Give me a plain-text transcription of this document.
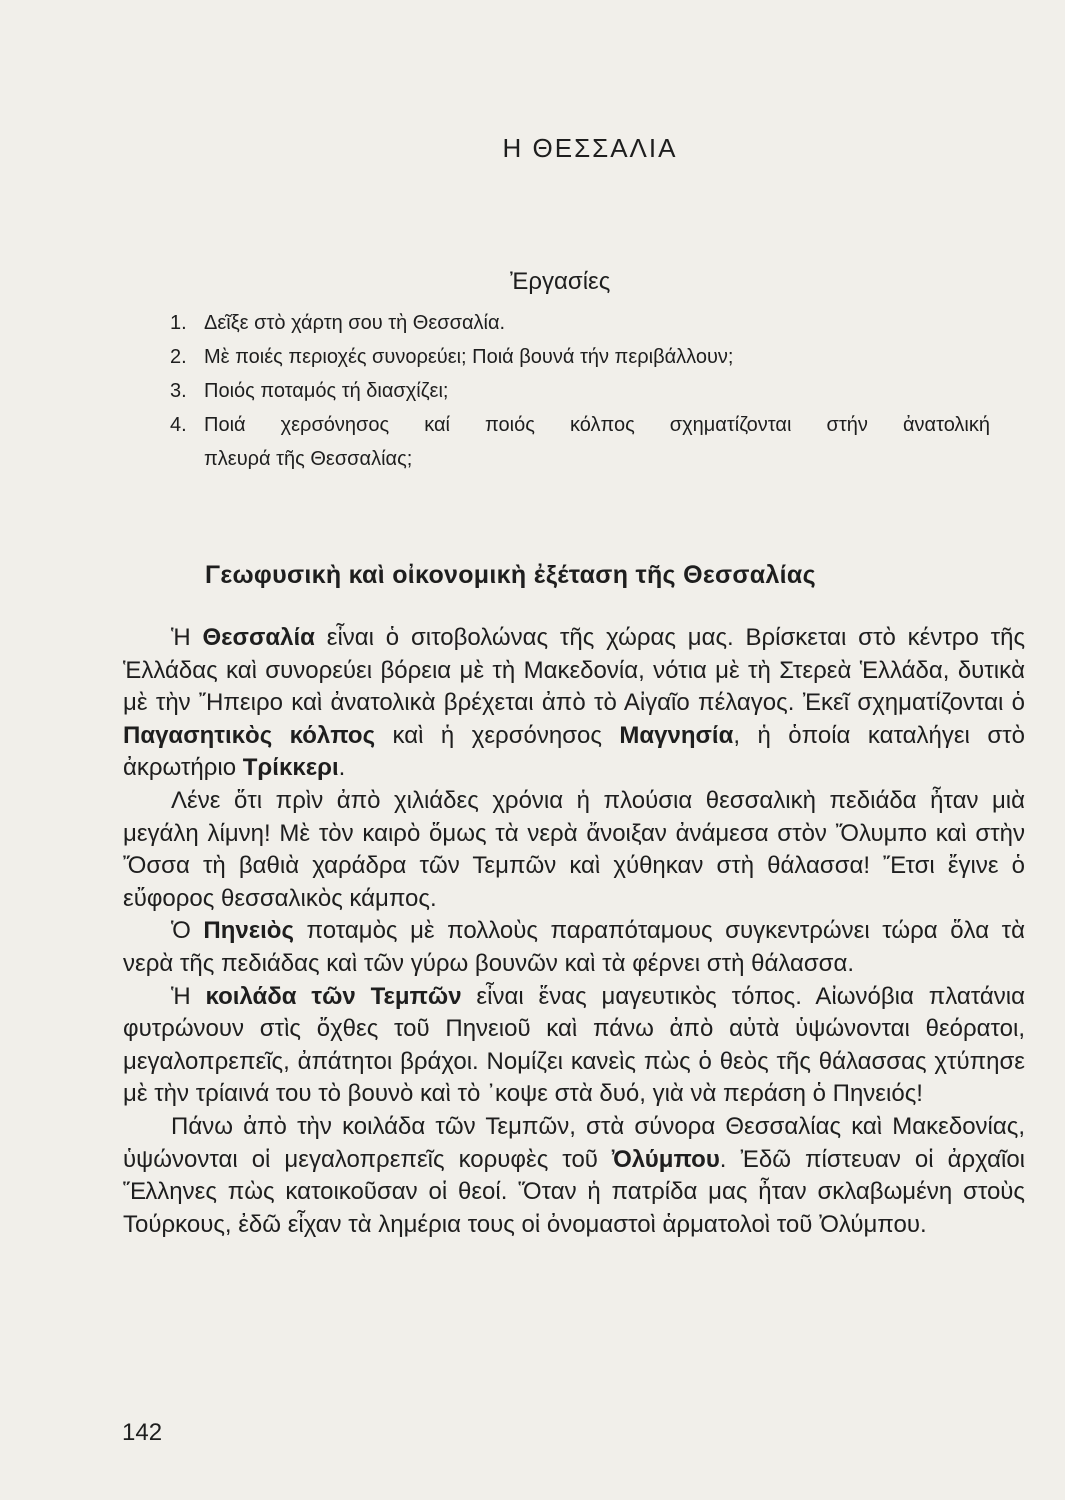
Η ΘΕΣΣΑΛΙΑ
Ἐργασίες
1. Δεῖξε στὸ χάρτη σου τὴ Θεσσαλία.
2. Μὲ ποιές περιοχές συνορεύει; Ποιά βουνά τήν περιβάλλουν;
3. Ποιός ποταμός τή διασχίζει;
4. Ποιά χερσόνησος καί ποιός κόλπος σχηματίζονται στήν ἀνατολική
πλευρά τῆς Θεσσαλίας;
Γεωφυσικὴ καὶ οἰκονομικὴ ἐξέταση τῆς Θεσσαλίας

Ἡ Θεσσαλία εἶναι ὁ σιτοβολώνας τῆς χώρας μας. Βρίσκεται στὸ κέντρο τῆς Ἑλλάδας καὶ συνορεύει βόρεια μὲ τὴ Μακεδονία, νότια μὲ τὴ Στερεὰ Ἑλλάδα, δυτικὰ μὲ τὴν Ἤπειρο καὶ ἀνατολικὰ βρέχεται ἀπὸ τὸ Αἰγαῖο πέλαγος. Ἐκεῖ σχηματίζονται ὁ Παγασητικὸς κόλπος καὶ ἡ χερσόνησος Μαγνησία, ἡ ὁποία καταλήγει στὸ ἀκρωτήριο Τρίκκερι.

Λένε ὅτι πρὶν ἀπὸ χιλιάδες χρόνια ἡ πλούσια θεσσαλικὴ πεδιάδα ἦταν μιὰ μεγάλη λίμνη! Μὲ τὸν καιρὸ ὅμως τὰ νερὰ ἄνοιξαν ἀνάμεσα στὸν Ὄλυμπο καὶ στὴν Ὄσσα τὴ βαθιὰ χαράδρα τῶν Τεμπῶν καὶ χύθηκαν στὴ θάλασσα! Ἔτσι ἔγινε ὁ εὔφορος θεσσαλικὸς κάμπος.

Ὁ Πηνειὸς ποταμὸς μὲ πολλοὺς παραπόταμους συγκεντρώνει τώρα ὅλα τὰ νερὰ τῆς πεδιάδας καὶ τῶν γύρω βουνῶν καὶ τὰ φέρνει στὴ θάλασσα.

Ἡ κοιλάδα τῶν Τεμπῶν εἶναι ἕνας μαγευτικὸς τόπος. Αἰωνόβια πλατάνια φυτρώνουν στὶς ὄχθες τοῦ Πηνειοῦ καὶ πάνω ἀπὸ αὐτὰ ὑψώνονται θεόρατοι, μεγαλοπρεπεῖς, ἀπάτητοι βράχοι. Νομίζει κανεὶς πὼς ὁ θεὸς τῆς θάλασσας χτύπησε μὲ τὴν τρίαινά του τὸ βουνὸ καὶ τὸ ᾽κοψε στὰ δυό, γιὰ νὰ περάση ὁ Πηνειός!

Πάνω ἀπὸ τὴν κοιλάδα τῶν Τεμπῶν, στὰ σύνορα Θεσσαλίας καὶ Μακεδονίας, ὑψώνονται οἱ μεγαλοπρεπεῖς κορυφὲς τοῦ Ὀλύμπου. Ἐδῶ πίστευαν οἱ ἀρχαῖοι Ἕλληνες πὼς κατοικοῦσαν οἱ θεοί. Ὅταν ἡ πατρίδα μας ἦταν σκλαβωμένη στοὺς Τούρκους, ἐδῶ εἶχαν τὰ λημέρια τους οἱ ὀνομαστοὶ ἁρματολοὶ τοῦ Ὀλύμπου.

142
